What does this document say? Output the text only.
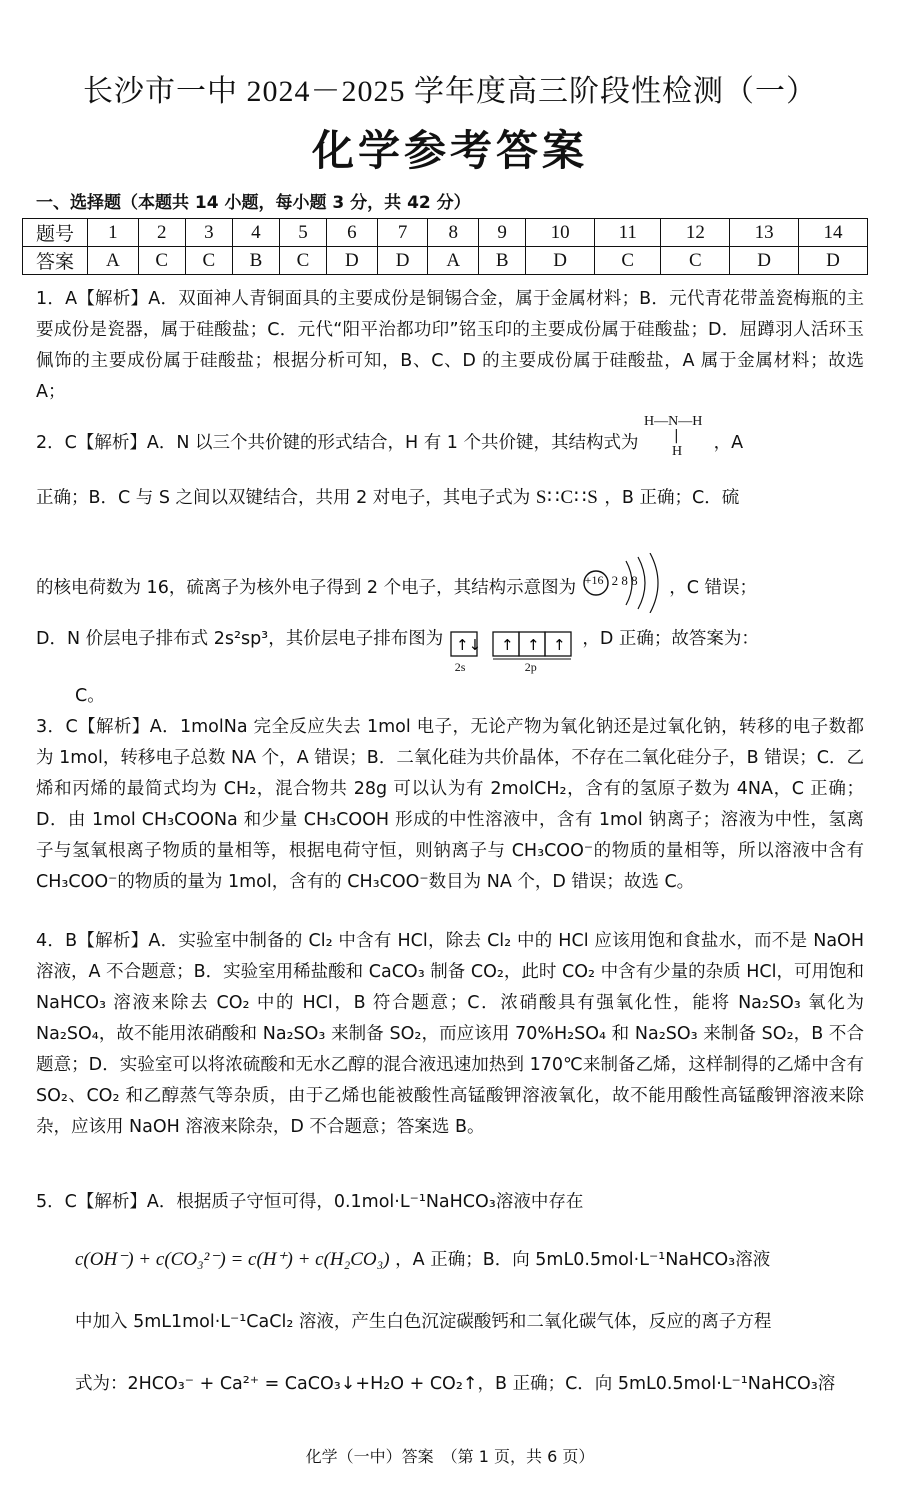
长沙市一中 2024－2025 学年度高三阶段性检测（一）
化学参考答案
一、选择题（本题共 14 小题，每小题 3 分，共 42 分）
题号	1	2	3	4	5	6	7	8	9	10	11	12	13	14
答案	A	C	C	B	C	D	D	A	B	D	C	C	D	D

1．A【解析】A．双面神人青铜面具的主要成份是铜锡合金，属于金属材料；B．元代青花带盖瓷梅瓶的主要成份是瓷器，属于硅酸盐；C．元代“阳平治都功印”铭玉印的主要成份属于硅酸盐；D．屈蹲羽人活环玉佩饰的主要成份属于硅酸盐；根据分析可知，B、C、D 的主要成份属于硅酸盐，A 属于金属材料；故选 A；

2．C【解析】A．N 以三个共价键的形式结合，H 有 1 个共价键，其结构式为
H—N—H
|
H ，A
正确；B．C 与 S 之间以双键结合，共用 2 对电子，其电子式为 S∷C∷S ，B 正确；C．硫
的核电荷数为 16，硫离子为核外电子得到 2 个电子，其结构示意图为 +16 2 8 8 ，C 错误；
D．N 价层电子排布式 2s²sp³，其价层电子排布图为 ↑↓ ↑ ↑ ↑
2s	2p
，D 正确；故答案为：
C。

3．C【解析】A．1molNa 完全反应失去 1mol 电子，无论产物为氧化钠还是过氧化钠，转移的电子数都为 1mol，转移电子总数 NA 个，A 错误；B．二氧化硅为共价晶体，不存在二氧化硅分子，B 错误；C．乙烯和丙烯的最简式均为 CH₂，混合物共 28g 可以认为有 2molCH₂，含有的氢原子数为 4NA，C 正确；D．由 1mol CH₃COONa 和少量 CH₃COOH 形成的中性溶液中，含有 1mol 钠离子；溶液为中性，氢离子与氢氧根离子物质的量相等，根据电荷守恒，则钠离子与 CH₃COO⁻的物质的量相等，所以溶液中含有 CH₃COO⁻的物质的量为 1mol，含有的 CH₃COO⁻数目为 NA 个，D 错误；故选 C。

4．B【解析】A．实验室中制备的 Cl₂ 中含有 HCl，除去 Cl₂ 中的 HCl 应该用饱和食盐水，而不是 NaOH 溶液，A 不合题意；B．实验室用稀盐酸和 CaCO₃ 制备 CO₂，此时 CO₂ 中含有少量的杂质 HCl，可用饱和 NaHCO₃ 溶液来除去 CO₂ 中的 HCl，B 符合题意；C．浓硝酸具有强氧化性，能将 Na₂SO₃ 氧化为 Na₂SO₄，故不能用浓硝酸和 Na₂SO₃ 来制备 SO₂，而应该用 70%H₂SO₄ 和 Na₂SO₃ 来制备 SO₂，B 不合题意；D．实验室可以将浓硫酸和无水乙醇的混合液迅速加热到 170℃来制备乙烯，这样制得的乙烯中含有 SO₂、CO₂ 和乙醇蒸气等杂质，由于乙烯也能被酸性高锰酸钾溶液氧化，故不能用酸性高锰酸钾溶液来除杂，应该用 NaOH 溶液来除杂，D 不合题意；答案选 B。

5．C【解析】A．根据质子守恒可得，0.1mol·L⁻¹NaHCO₃溶液中存在
c(OH⁻) + c(CO₃²⁻) = c(H⁺) + c(H₂CO₃) ，A 正确；B．向 5mL0.5mol·L⁻¹NaHCO₃溶液
中加入 5mL1mol·L⁻¹CaCl₂ 溶液，产生白色沉淀碳酸钙和二氧化碳气体，反应的离子方程
式为：2HCO₃⁻ + Ca²⁺ = CaCO₃↓+H₂O + CO₂↑，B 正确；C．向 5mL0.5mol·L⁻¹NaHCO₃溶
化学（一中）答案　（第 1 页，共 6 页）
